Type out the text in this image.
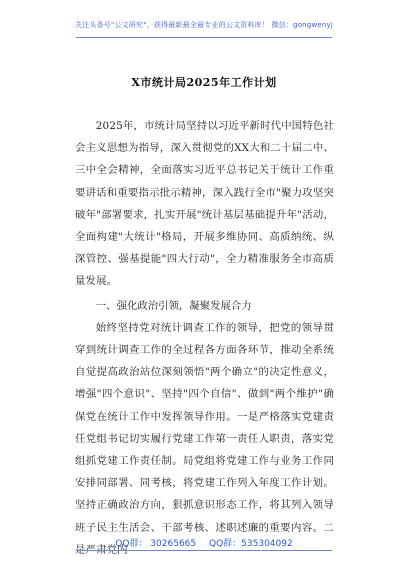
关注头条号"公文研究"，获得最新最全最专业的公文资料库！ 微信：gongwenyj
X市统计局2025年工作计划

2025年，市统计局坚持以习近平新时代中国特色社会主义思想为指导，深入贯彻党的XX大和二十届二中、三中全会精神，全面落实习近平总书记关于统计工作重要讲话和重要指示批示精神，深入践行全市"聚力攻坚突破年"部署要求，扎实开展"统计基层基础提升年"活动，全面构建"大统计"格局，开展多维协同、高质纳统、纵深管控、强基提能"四大行动"，全力精准服务全市高质量发展。

一、强化政治引领，凝聚发展合力

始终坚持党对统计调查工作的领导，把党的领导贯穿到统计调查工作的全过程各方面各环节，推动全系统自觉提高政治站位深刻领悟"两个确立"的决定性意义，增强"四个意识"、坚持"四个自信"、做到"两个维护"确保党在统计工作中发挥领导作用。一是严格落实党建责任党组书记切实履行党建工作第一责任人职责，落实党组抓党建工作责任制。局党组将党建工作与业务工作同安排同部署、同考核，将党建工作列入年度工作计划。坚持正确政治方向，狠抓意识形态工作，将其列入领导班子民主生活会、干部考核、述职述廉的重要内容。二是严肃党内

QQ群： 30265665 QQ群：535304092
